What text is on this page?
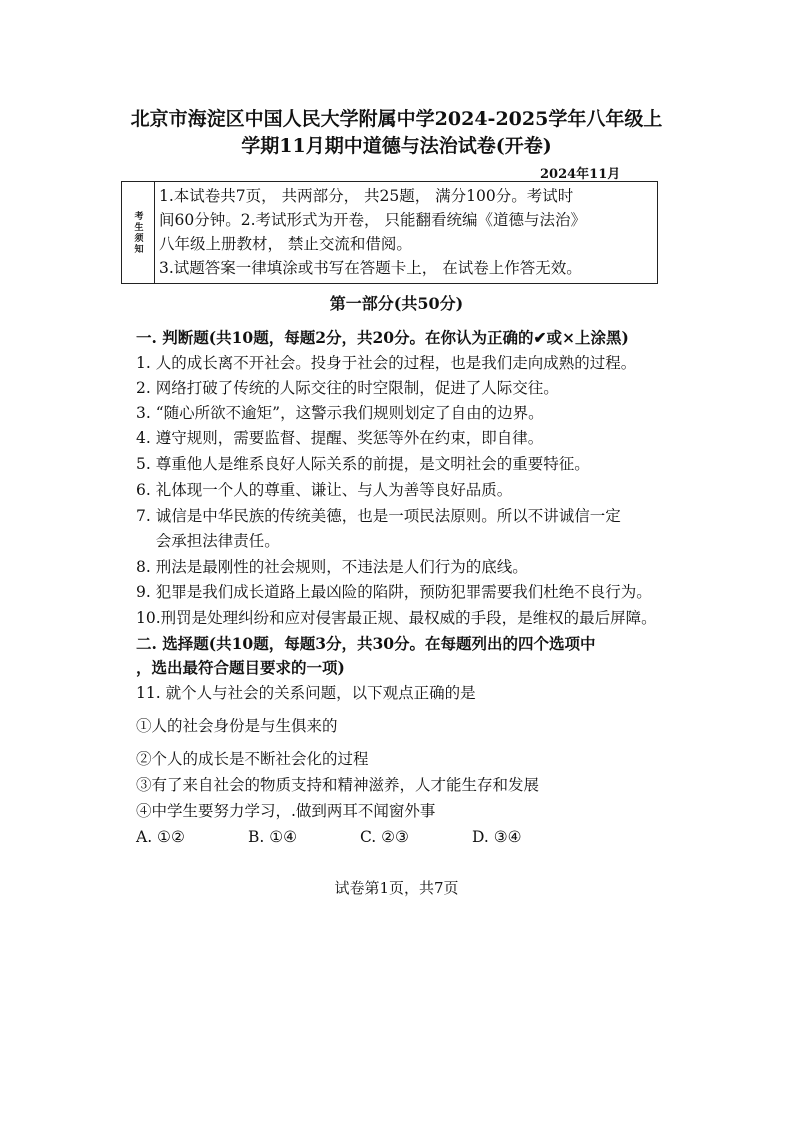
北京市海淀区中国人民大学附属中学2024-2025学年八年级上
学期11月期中道德与法治试卷(开卷)
2024年11月
考生须知
1.本试卷共7页， 共两部分， 共25题， 满分100分。考试时
间60分钟。2.考试形式为开卷， 只能翻看统编《道德与法治》
八年级上册教材， 禁止交流和借阅。
3.试题答案一律填涂或书写在答题卡上， 在试卷上作答无效。
第一部分(共50分)
一. 判断题(共10题，每题2分，共20分。在你认为正确的✔或×上涂黑)
1. 人的成长离不开社会。投身于社会的过程，也是我们走向成熟的过程。
2. 网络打破了传统的人际交往的时空限制，促进了人际交往。
3. “随心所欲不逾矩”，这警示我们规则划定了自由的边界。
4. 遵守规则，需要监督、提醒、奖惩等外在约束，即自律。
5. 尊重他人是维系良好人际关系的前提，是文明社会的重要特征。
6. 礼体现一个人的尊重、谦让、与人为善等良好品质。
7. 诚信是中华民族的传统美德，也是一项民法原则。所以不讲诚信一定
会承担法律责任。
8. 刑法是最刚性的社会规则，不违法是人们行为的底线。
9. 犯罪是我们成长道路上最凶险的陷阱，预防犯罪需要我们杜绝不良行为。
10.刑罚是处理纠纷和应对侵害最正规、最权威的手段，是维权的最后屏障。
二. 选择题(共10题，每题3分，共30分。在每题列出的四个选项中
，选出最符合题目要求的一项)
11. 就个人与社会的关系问题，以下观点正确的是
①人的社会身份是与生俱来的
②个人的成长是不断社会化的过程
③有了来自社会的物质支持和精神滋养，人才能生存和发展
④中学生要努力学习，.做到两耳不闻窗外事
A. ①②	B. ①④	C. ②③	D. ③④
试卷第1页，共7页
